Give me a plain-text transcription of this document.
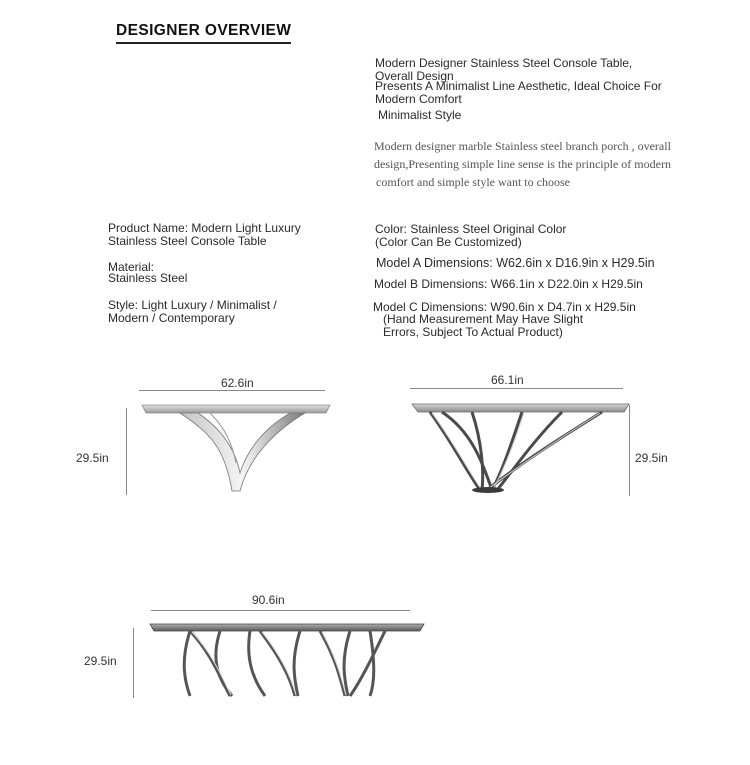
DESIGNER OVERVIEW
Modern Designer Stainless Steel Console Table,
Overall Design
Presents A Minimalist Line Aesthetic, Ideal Choice For
Modern Comfort
Minimalist Style
Modern designer marble Stainless steel branch porch , overall
design,Presenting simple line sense is the principle of modern
comfort and simple style want to choose
Product Name: Modern Light Luxury
Stainless Steel Console Table
Material:
Stainless Steel
Style: Light Luxury / Minimalist /
Modern / Contemporary
Color: Stainless Steel Original Color
(Color Can Be Customized)
Model A Dimensions: W62.6in x D16.9in x H29.5in
Model B Dimensions: W66.1in x D22.0in x H29.5in
Model C Dimensions: W90.6in x D4.7in x H29.5in
(Hand Measurement May Have Slight
Errors, Subject To Actual Product)
62.6in
29.5in
66.1in
29.5in
90.6in
29.5in
